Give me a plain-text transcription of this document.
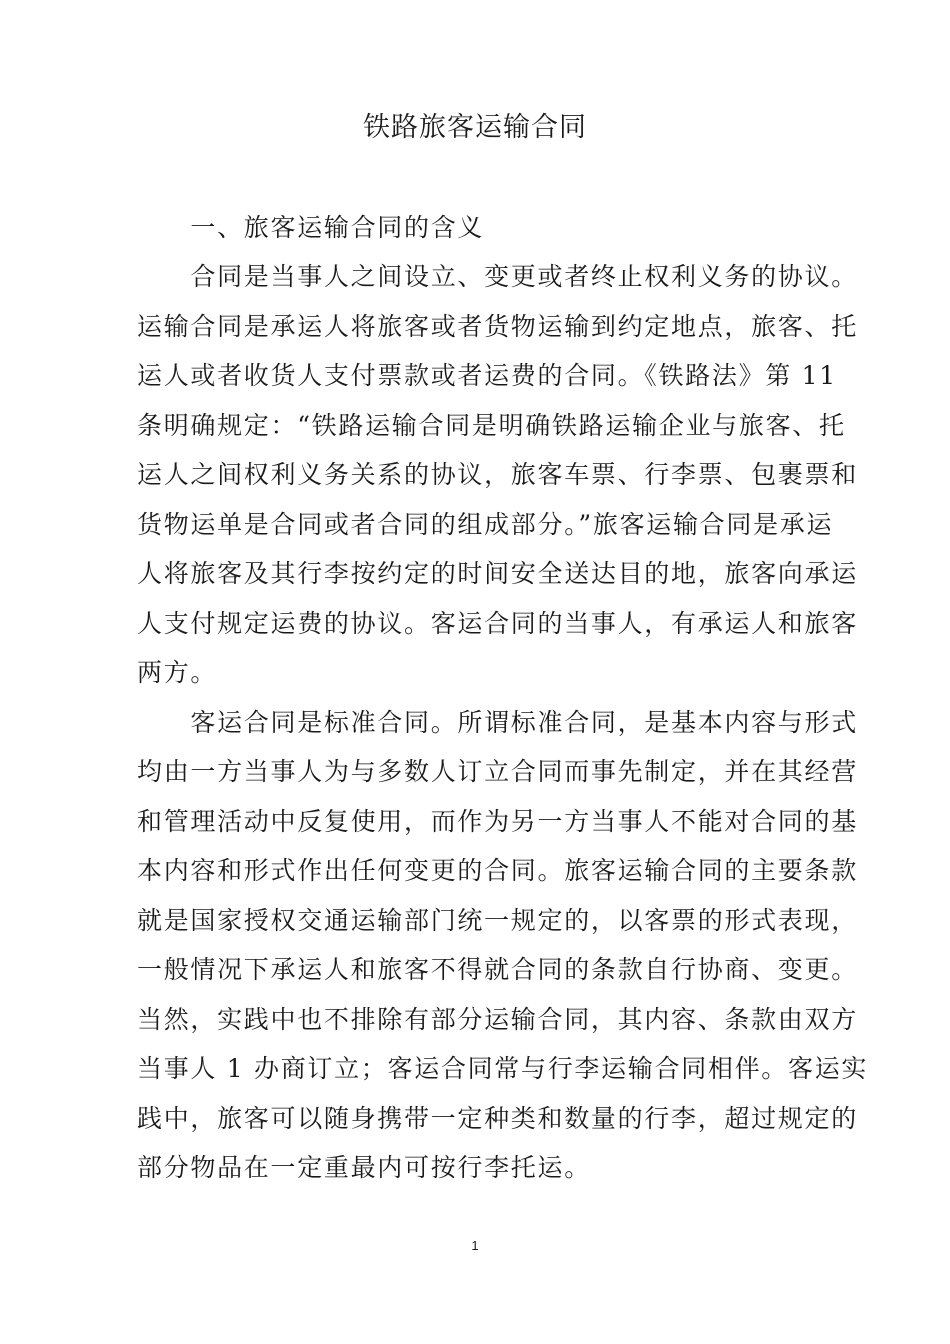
铁路旅客运输合同
　　一、旅客运输合同的含义
　　合同是当事人之间设立、变更或者终止权利义务的协议。
运输合同是承运人将旅客或者货物运输到约定地点，旅客、托
运人或者收货人支付票款或者运费的合同。《铁路法》第 11
条明确规定：“铁路运输合同是明确铁路运输企业与旅客、托
运人之间权利义务关系的协议，旅客车票、行李票、包裹票和
货物运单是合同或者合同的组成部分。”旅客运输合同是承运
人将旅客及其行李按约定的时间安全送达目的地，旅客向承运
人支付规定运费的协议。客运合同的当事人，有承运人和旅客
两方。
　　客运合同是标准合同。所谓标准合同，是基本内容与形式
均由一方当事人为与多数人订立合同而事先制定，并在其经营
和管理活动中反复使用，而作为另一方当事人不能对合同的基
本内容和形式作出任何变更的合同。旅客运输合同的主要条款
就是国家授权交通运输部门统一规定的，以客票的形式表现，
一般情况下承运人和旅客不得就合同的条款自行协商、变更。
当然，实践中也不排除有部分运输合同，其内容、条款由双方
当事人 1 办商订立；客运合同常与行李运输合同相伴。客运实
践中，旅客可以随身携带一定种类和数量的行李，超过规定的
部分物品在一定重最内可按行李托运。
1
